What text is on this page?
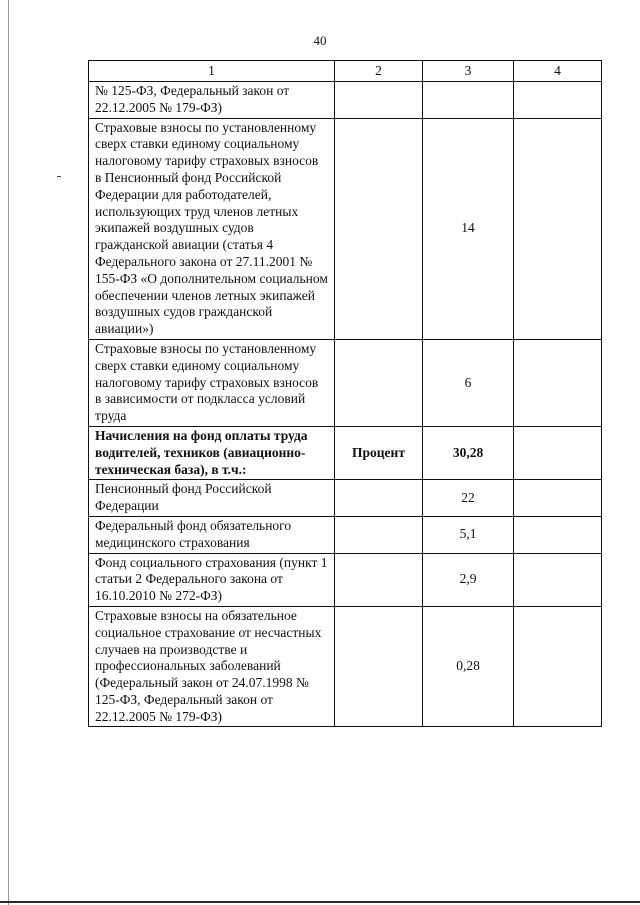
40
1	2	3	4
№ 125-ФЗ, Федеральный закон от 22.12.2005 № 179-ФЗ)			
Страховые взносы по установленному сверх ставки единому социальному налоговому тарифу страховых взносов в Пенсионный фонд Российской Федерации для работодателей, использующих труд членов летных экипажей воздушных судов гражданской авиации (статья 4 Федерального закона от 27.11.2001 № 155-ФЗ «О дополнительном социальном обеспечении членов летных экипажей воздушных судов гражданской авиации»)		14	
Страховые взносы по установленному сверх ставки единому социальному налоговому тарифу страховых взносов в зависимости от подкласса условий труда		6	
Начисления на фонд оплаты труда водителей, техников (авиационно-техническая база), в т.ч.:	Процент	30,28	
Пенсионный фонд Российской Федерации		22	
Федеральный фонд обязательного медицинского страхования		5,1	
Фонд социального страхования (пункт 1 статьи 2 Федерального закона от 16.10.2010 № 272-ФЗ)		2,9	
Страховые взносы на обязательное социальное страхование от несчастных случаев на производстве и профессиональных заболеваний (Федеральный закон от 24.07.1998 № 125-ФЗ, Федеральный закон от 22.12.2005 № 179-ФЗ)		0,28	
